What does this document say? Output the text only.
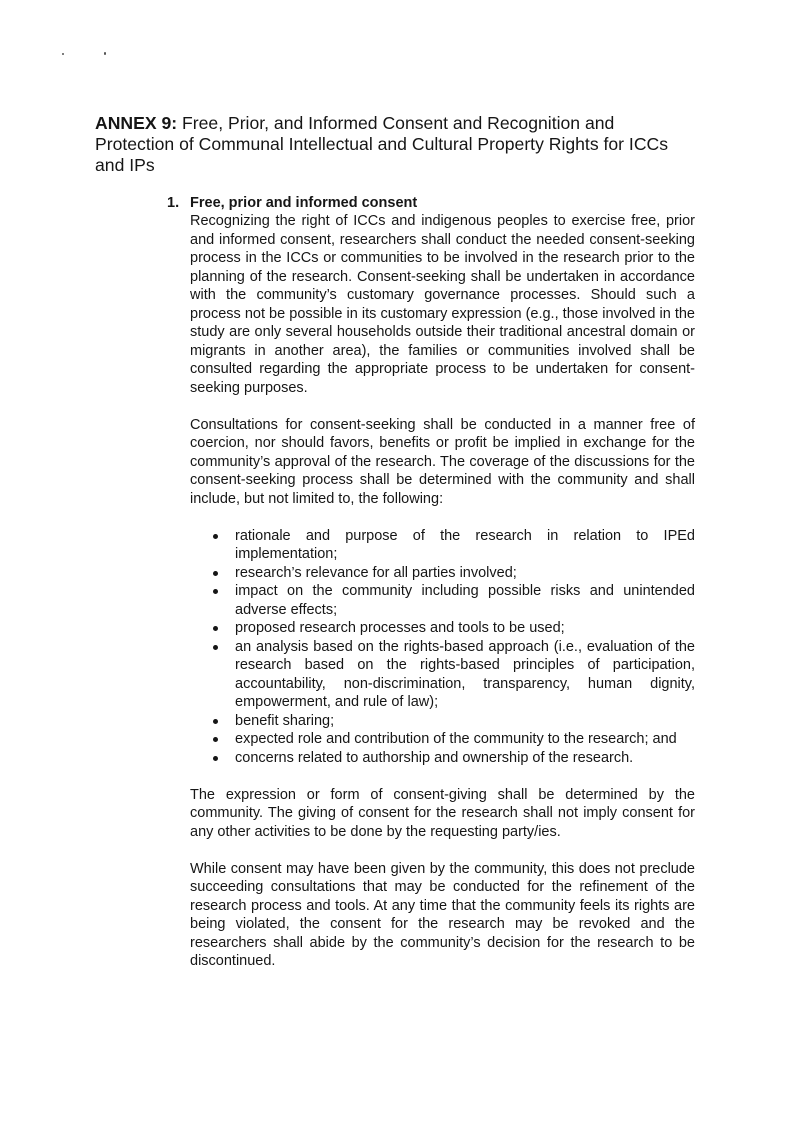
ANNEX 9: Free, Prior, and Informed Consent and Recognition and Protection of Communal Intellectual and Cultural Property Rights for ICCs and IPs
1. Free, prior and informed consent

Recognizing the right of ICCs and indigenous peoples to exercise free, prior and informed consent, researchers shall conduct the needed consent-seeking process in the ICCs or communities to be involved in the research prior to the planning of the research. Consent-seeking shall be undertaken in accordance with the community’s customary governance processes. Should such a process not be possible in its customary expression (e.g., those involved in the study are only several households outside their traditional ancestral domain or migrants in another area), the families or communities involved shall be consulted regarding the appropriate process to be undertaken for consent-seeking purposes.

Consultations for consent-seeking shall be conducted in a manner free of coercion, nor should favors, benefits or profit be implied in exchange for the community’s approval of the research. The coverage of the discussions for the consent-seeking process shall be determined with the community and shall include, but not limited to, the following:

rationale and purpose of the research in relation to IPEd implementation;
research’s relevance for all parties involved;
impact on the community including possible risks and unintended adverse effects;
proposed research processes and tools to be used;
an analysis based on the rights-based approach (i.e., evaluation of the research based on the rights-based principles of participation, accountability, non-discrimination, transparency, human dignity, empowerment, and rule of law);
benefit sharing;
expected role and contribution of the community to the research; and
concerns related to authorship and ownership of the research.

The expression or form of consent-giving shall be determined by the community. The giving of consent for the research shall not imply consent for any other activities to be done by the requesting party/ies.

While consent may have been given by the community, this does not preclude succeeding consultations that may be conducted for the refinement of the research process and tools. At any time that the community feels its rights are being violated, the consent for the research may be revoked and the researchers shall abide by the community’s decision for the research to be discontinued.
